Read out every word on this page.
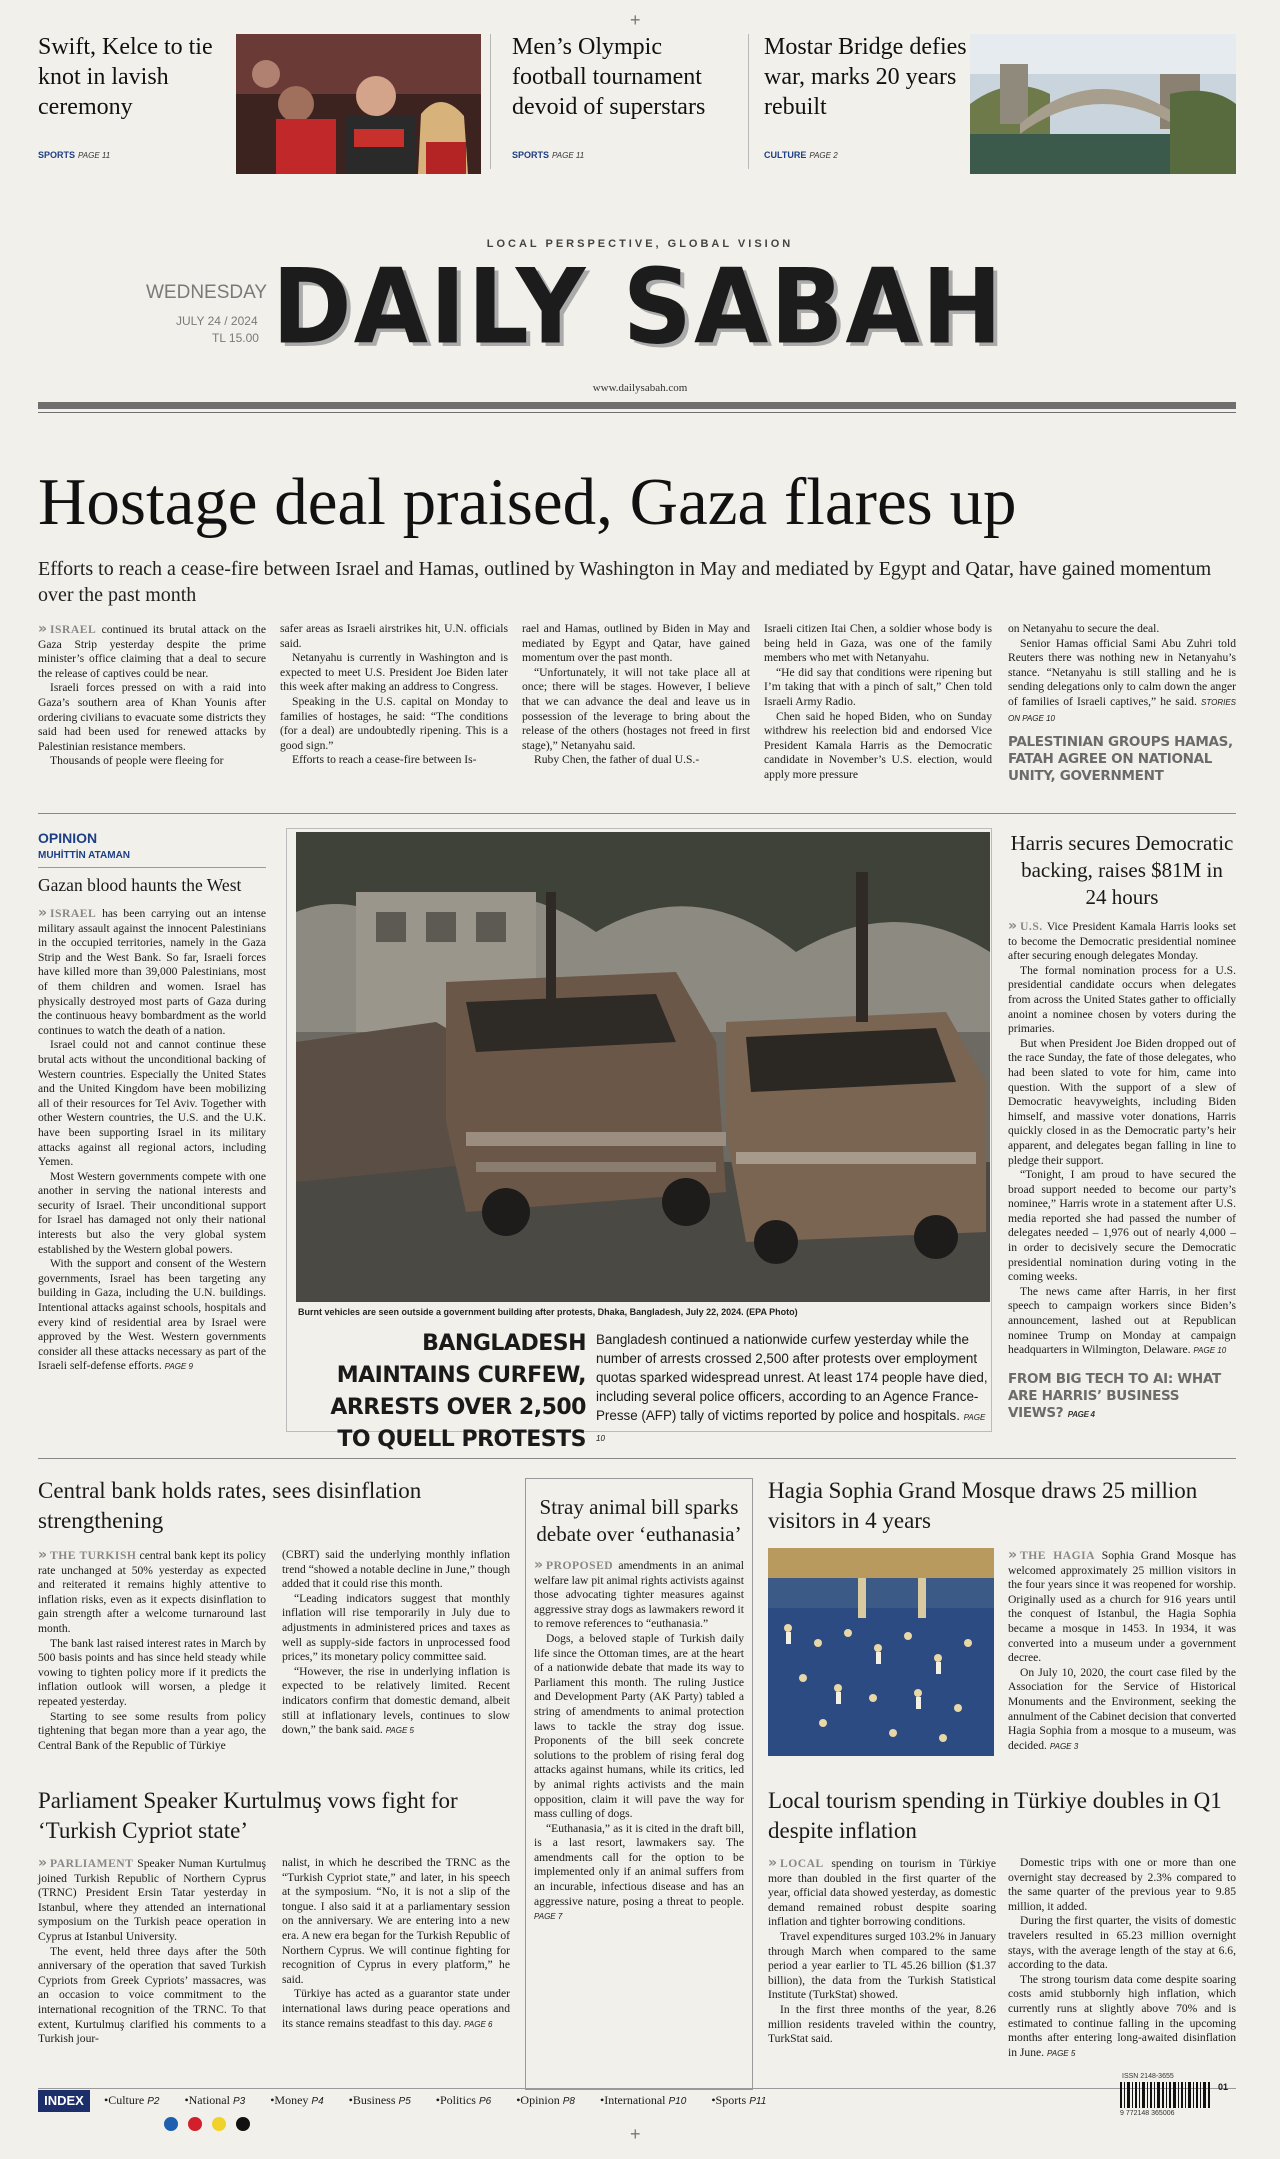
Swift, Kelce to tie knot in lavish ceremony
SPORTS PAGE 11
Men’s Olympic football tournament devoid of superstars
SPORTS PAGE 11
Mostar Bridge defies war, marks 20 years rebuilt
CULTURE PAGE 2
+
LOCAL PERSPECTIVE, GLOBAL VISION
WEDNESDAY
JULY 24 / 2024
TL 15.00 DAILY SABAH
www.dailysabah.com
Hostage deal praised, Gaza flares up
Efforts to reach a cease-fire between Israel and Hamas, outlined by Washington in May and mediated by Egypt and Qatar, have gained momentum over the past month

» ISRAEL continued its brutal attack on the Gaza Strip yesterday despite the prime minister’s office claiming that a deal to secure the release of captives could be near.

Israeli forces pressed on with a raid into Gaza’s southern area of Khan Younis after ordering civilians to evacuate some districts they said had been used for renewed attacks by Palestinian resistance members.

Thousands of people were fleeing for

safer areas as Israeli airstrikes hit, U.N. officials said.

Netanyahu is currently in Washington and is expected to meet U.S. President Joe Biden later this week after making an address to Congress.

Speaking in the U.S. capital on Monday to families of hostages, he said: “The conditions (for a deal) are undoubtedly ripening. This is a good sign.”

Efforts to reach a cease-fire between Is-

rael and Hamas, outlined by Biden in May and mediated by Egypt and Qatar, have gained momentum over the past month.

“Unfortunately, it will not take place all at once; there will be stages. However, I believe that we can advance the deal and leave us in possession of the leverage to bring about the release of the others (hostages not freed in first stage),” Netanyahu said.

Ruby Chen, the father of dual U.S.-

Israeli citizen Itai Chen, a soldier whose body is being held in Gaza, was one of the family members who met with Netanyahu.

“He did say that conditions were ripening but I’m taking that with a pinch of salt,” Chen told Israeli Army Radio.

Chen said he hoped Biden, who on Sunday withdrew his reelection bid and endorsed Vice President Kamala Harris as the Democratic candidate in November’s U.S. election, would apply more pressure

on Netanyahu to secure the deal.

Senior Hamas official Sami Abu Zuhri told Reuters there was nothing new in Netanyahu’s stance. “Netanyahu is still stalling and he is sending delegations only to calm down the anger of families of Israeli captives,” he said. STORIES ON PAGE 10

PALESTINIAN GROUPS HAMAS, FATAH AGREE ON NATIONAL UNITY, GOVERNMENT
OPINION
MUHİTTİN ATAMAN
Gazan blood haunts the West

» ISRAEL has been carrying out an intense military assault against the innocent Palestinians in the occupied territories, namely in the Gaza Strip and the West Bank. So far, Israeli forces have killed more than 39,000 Palestinians, most of them children and women. Israel has physically destroyed most parts of Gaza during the continuous heavy bombardment as the world continues to watch the death of a nation.

Israel could not and cannot continue these brutal acts without the unconditional backing of Western countries. Especially the United States and the United Kingdom have been mobilizing all of their resources for Tel Aviv. Together with other Western countries, the U.S. and the U.K. have been supporting Israel in its military attacks against all regional actors, including Yemen.

Most Western governments compete with one another in serving the national interests and security of Israel. Their unconditional support for Israel has damaged not only their national interests but also the very global system established by the Western global powers.

With the support and consent of the Western governments, Israel has been targeting any building in Gaza, including the U.N. buildings. Intentional attacks against schools, hospitals and every kind of residential area by Israel were approved by the West. Western governments consider all these attacks necessary as part of the Israeli self-defense efforts. PAGE 9

Burnt vehicles are seen outside a government building after protests, Dhaka, Bangladesh, July 22, 2024. (EPA Photo)
BANGLADESH MAINTAINS CURFEW, ARRESTS OVER 2,500 TO QUELL PROTESTS
Bangladesh continued a nationwide curfew yesterday while the number of arrests crossed 2,500 after protests over employment quotas sparked widespread unrest. At least 174 people have died, including several police officers, according to an Agence France-Presse (AFP) tally of victims reported by police and hospitals. PAGE 10
Harris secures Democratic backing, raises $81M in 24 hours

» U.S. Vice President Kamala Harris looks set to become the Democratic presidential nominee after securing enough delegates Monday.

The formal nomination process for a U.S. presidential candidate occurs when delegates from across the United States gather to officially anoint a nominee chosen by voters during the primaries.

But when President Joe Biden dropped out of the race Sunday, the fate of those delegates, who had been slated to vote for him, came into question. With the support of a slew of Democratic heavyweights, including Biden himself, and massive voter donations, Harris quickly closed in as the Democratic party’s heir apparent, and delegates began falling in line to pledge their support.

“Tonight, I am proud to have secured the broad support needed to become our party’s nominee,” Harris wrote in a statement after U.S. media reported she had passed the number of delegates needed – 1,976 out of nearly 4,000 – in order to decisively secure the Democratic presidential nomination during voting in the coming weeks.

The news came after Harris, in her first speech to campaign workers since Biden’s announcement, lashed out at Republican nominee Trump on Monday at campaign headquarters in Wilmington, Delaware. PAGE 10

FROM BIG TECH TO AI: WHAT ARE HARRIS’ BUSINESS VIEWS? PAGE 4
Central bank holds rates, sees disinflation strengthening

» THE TURKISH central bank kept its policy rate unchanged at 50% yesterday as expected and reiterated it remains highly attentive to inflation risks, even as it expects disinflation to gain strength after a welcome turnaround last month.

The bank last raised interest rates in March by 500 basis points and has since held steady while vowing to tighten policy more if it predicts the inflation outlook will worsen, a pledge it repeated yesterday.

Starting to see some results from policy tightening that began more than a year ago, the Central Bank of the Republic of Türkiye

(CBRT) said the underlying monthly inflation trend “showed a notable decline in June,” though added that it could rise this month.

“Leading indicators suggest that monthly inflation will rise temporarily in July due to adjustments in administered prices and taxes as well as supply-side factors in unprocessed food prices,” its monetary policy committee said.

“However, the rise in underlying inflation is expected to be relatively limited. Recent indicators confirm that domestic demand, albeit still at inflationary levels, continues to slow down,” the bank said. PAGE 5

Stray animal bill sparks debate over ‘euthanasia’

» PROPOSED amendments in an animal welfare law pit animal rights activists against those advocating tighter measures against aggressive stray dogs as lawmakers reword it to remove references to “euthanasia.”

Dogs, a beloved staple of Turkish daily life since the Ottoman times, are at the heart of a nationwide debate that made its way to Parliament this month. The ruling Justice and Development Party (AK Party) tabled a string of amendments to animal protection laws to tackle the stray dog issue. Proponents of the bill seek concrete solutions to the problem of rising feral dog attacks against humans, while its critics, led by animal rights activists and the main opposition, claim it will pave the way for mass culling of dogs.

“Euthanasia,” as it is cited in the draft bill, is a last resort, lawmakers say. The amendments call for the option to be implemented only if an animal suffers from an incurable, infectious disease and has an aggressive nature, posing a threat to people. PAGE 7

Hagia Sophia Grand Mosque draws 25 million visitors in 4 years

» THE HAGIA Sophia Grand Mosque has welcomed approximately 25 million visitors in the four years since it was reopened for worship. Originally used as a church for 916 years until the conquest of Istanbul, the Hagia Sophia became a mosque in 1453. In 1934, it was converted into a museum under a government decree.

On July 10, 2020, the court case filed by the Association for the Service of Historical Monuments and the Environment, seeking the annulment of the Cabinet decision that converted Hagia Sophia from a mosque to a museum, was decided. PAGE 3

Parliament Speaker Kurtulmuş vows fight for ‘Turkish Cypriot state’

» PARLIAMENT Speaker Numan Kurtulmuş joined Turkish Republic of Northern Cyprus (TRNC) President Ersin Tatar yesterday in Istanbul, where they attended an international symposium on the Turkish peace operation in Cyprus at Istanbul University.

The event, held three days after the 50th anniversary of the operation that saved Turkish Cypriots from Greek Cypriots’ massacres, was an occasion to voice commitment to the international recognition of the TRNC. To that extent, Kurtulmuş clarified his comments to a Turkish jour-

nalist, in which he described the TRNC as the “Turkish Cypriot state,” and later, in his speech at the symposium. “No, it is not a slip of the tongue. I also said it at a parliamentary session on the anniversary. We are entering into a new era. A new era began for the Turkish Republic of Northern Cyprus. We will continue fighting for recognition of Cyprus in every platform,” he said.

Türkiye has acted as a guarantor state under international laws during peace operations and its stance remains steadfast to this day. PAGE 6

Local tourism spending in Türkiye doubles in Q1 despite inflation

» LOCAL spending on tourism in Türkiye more than doubled in the first quarter of the year, official data showed yesterday, as domestic demand remained robust despite soaring inflation and tighter borrowing conditions.

Travel expenditures surged 103.2% in January through March when compared to the same period a year earlier to TL 45.26 billion ($1.37 billion), the data from the Turkish Statistical Institute (TurkStat) showed.

In the first three months of the year, 8.26 million residents traveled within the country, TurkStat said.

Domestic trips with one or more than one overnight stay decreased by 2.3% compared to the same quarter of the previous year to 9.85 million, it added.

During the first quarter, the visits of domestic travelers resulted in 65.23 million overnight stays, with the average length of the stay at 6.6, according to the data.

The strong tourism data come despite soaring costs amid stubbornly high inflation, which currently runs at slightly above 70% and is estimated to continue falling in the upcoming months after entering long-awaited disinflation in June. PAGE 5

INDEX	•Culture P2 •National P3 •Money P4 •Business P5 •Politics P6 •Opinion P8 •International P10 •Sports P11

ISSN 2148-3655
9 772148 365006
01
+
